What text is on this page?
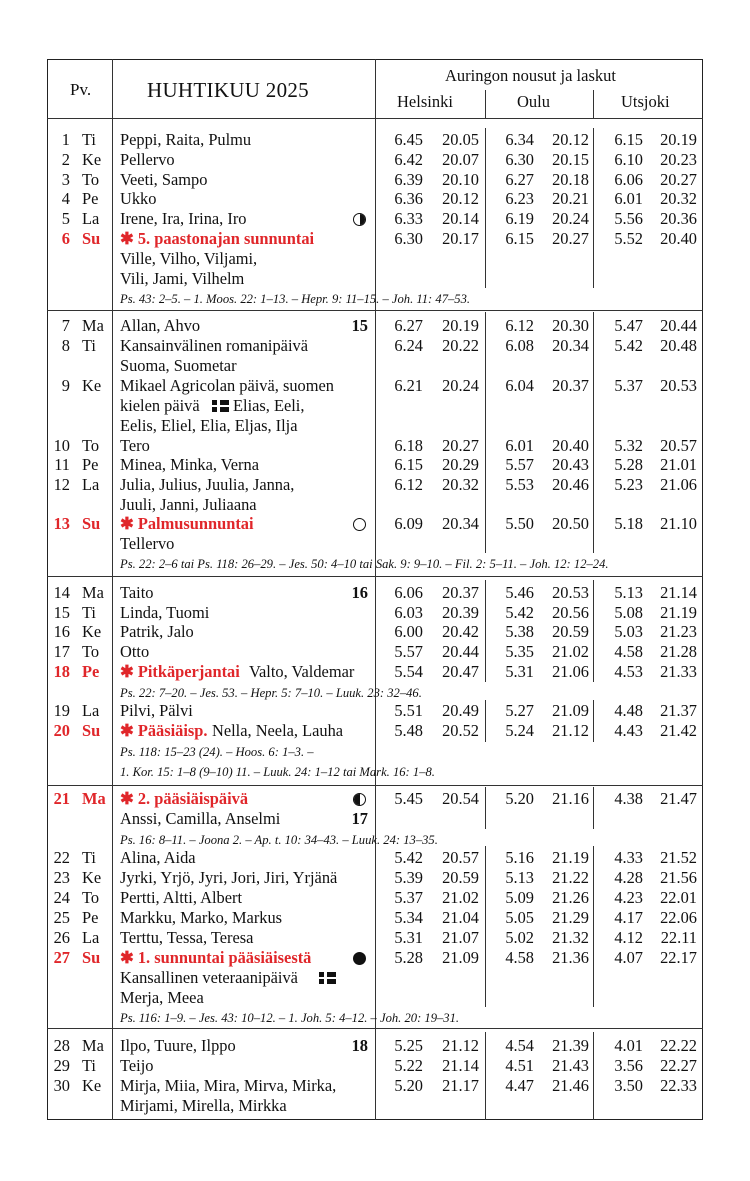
Pv.	HUHTIKUU 2025
Auringon nousut ja laskut
Helsinki	Oulu	Utsjoki
1 Ti Peppi, Raita, Pulmu	6.45	20.05	6.34	20.12	6.15	20.19
2 Ke Pellervo	6.42	20.07	6.30	20.15	6.10	20.23
3 To Veeti, Sampo	6.39	20.10	6.27	20.18	6.06	20.27
4 Pe Ukko	6.36	20.12	6.23	20.21	6.01	20.32
5 La Irene, Ira, Irina, Iro	6.33	20.14	6.19	20.24	5.56	20.36
6 Su ✱ 5. paastonajan sunnuntai
Ville, Vilho, Viljami,
Vili, Jami, Vilhelm
6.30	20.17	6.15	20.27	5.52	20.40
7 Ma Allan, Ahvo	15	6.27	20.19	6.12	20.30	5.47	20.44
8 Ti Kansainvälinen romanipäivä
Suoma, Suometar
6.24	20.22	6.08	20.34	5.42	20.48
9 Ke Mikael Agricolan päivä, suomen
kielen päivä Elias, Eeli,
Eelis, Eliel, Elia, Eljas, Ilja
6.21	20.24	6.04	20.37	5.37	20.53
10 To Tero	6.18	20.27	6.01	20.40	5.32	20.57
11 Pe Minea, Minka, Verna	6.15	20.29	5.57	20.43	5.28	21.01
12 La Julia, Julius, Juulia, Janna,
Juuli, Janni, Juliaana
6.12	20.32	5.53	20.46	5.23	21.06
13 Su ✱ Palmusunnuntai
Tellervo
6.09	20.34	5.50	20.50	5.18	21.10
14 Ma Taito	16	6.06	20.37	5.46	20.53	5.13	21.14
15 Ti Linda, Tuomi	6.03	20.39	5.42	20.56	5.08	21.19
16 Ke Patrik, Jalo	6.00	20.42	5.38	20.59	5.03	21.23
17 To Otto	5.57	20.44	5.35	21.02	4.58	21.28
18 Pe ✱ Pitkäperjantai Valto, Valdemar	5.54	20.47	5.31	21.06	4.53	21.33
19 La Pilvi, Pälvi	5.51	20.49	5.27	21.09	4.48	21.37
20 Su ✱ Pääsiäisp. Nella, Neela, Lauha	5.48	20.52	5.24	21.12	4.43	21.42
21 Ma ✱ 2. pääsiäispäivä
Anssi, Camilla, Anselmi	17
5.45	20.54	5.20	21.16	4.38	21.47
22 Ti Alina, Aida	5.42	20.57	5.16	21.19	4.33	21.52
23 Ke Jyrki, Yrjö, Jyri, Jori, Jiri, Yrjänä	5.39	20.59	5.13	21.22	4.28	21.56
24 To Pertti, Altti, Albert	5.37	21.02	5.09	21.26	4.23	22.01
25 Pe Markku, Marko, Markus	5.34	21.04	5.05	21.29	4.17	22.06
26 La Terttu, Tessa, Teresa	5.31	21.07	5.02	21.32	4.12	22.11
27 Su ✱ 1. sunnuntai pääsiäisestä
Kansallinen veteraanipäivä
Merja, Meea
5.28	21.09	4.58	21.36	4.07	22.17
28 Ma Ilpo, Tuure, Ilppo	18	5.25	21.12	4.54	21.39	4.01	22.22
29 Ti Teijo	5.22	21.14	4.51	21.43	3.56	22.27
30 Ke Mirja, Miia, Mira, Mirva, Mirka,
Mirjami, Mirella, Mirkka
5.20	21.17	4.47	21.46	3.50	22.33
Ps. 43: 2–5. – 1. Moos. 22: 1–13. – Hepr. 9: 11–15. – Joh. 11: 47–53.
Ps. 22: 2–6 tai Ps. 118: 26–29. – Jes. 50: 4–10 tai Sak. 9: 9–10. – Fil. 2: 5–11. – Joh. 12: 12–24.
Ps. 22: 7–20. – Jes. 53. – Hepr. 5: 7–10. – Luuk. 23: 32–46.
Ps. 118: 15–23 (24). – Hoos. 6: 1–3. –
1. Kor. 15: 1–8 (9–10) 11. – Luuk. 24: 1–12 tai Mark. 16: 1–8.
Ps. 16: 8–11. – Joona 2. – Ap. t. 10: 34–43. – Luuk. 24: 13–35.
Ps. 116: 1–9. – Jes. 43: 10–12. – 1. Joh. 5: 4–12. – Joh. 20: 19–31.
